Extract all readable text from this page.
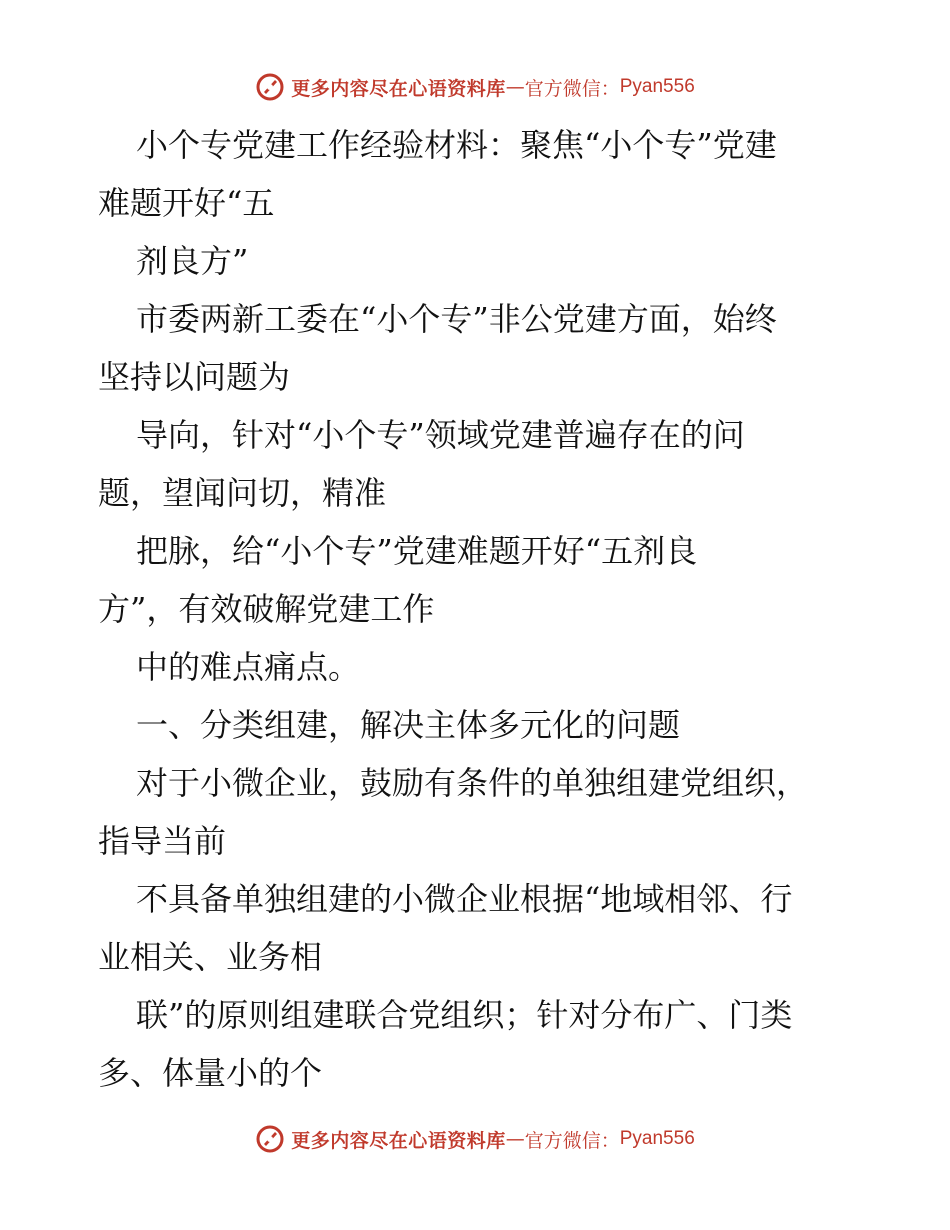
更多内容尽在心语资料库 — 官方微信： Pyan556
小个专党建工作经验材料：聚焦“小个专”党建
难题开好“五
剂良方”
市委两新工委在“小个专”非公党建方面，始终
坚持以问题为
导向，针对“小个专”领域党建普遍存在的问
题，望闻问切，精准
把脉，给“小个专”党建难题开好“五剂良
方”，有效破解党建工作
中的难点痛点。
一、分类组建，解决主体多元化的问题
对于小微企业，鼓励有条件的单独组建党组织，
指导当前
不具备单独组建的小微企业根据“地域相邻、行
业相关、业务相
联”的原则组建联合党组织；针对分布广、门类
多、体量小的个
更多内容尽在心语资料库 — 官方微信： Pyan556
